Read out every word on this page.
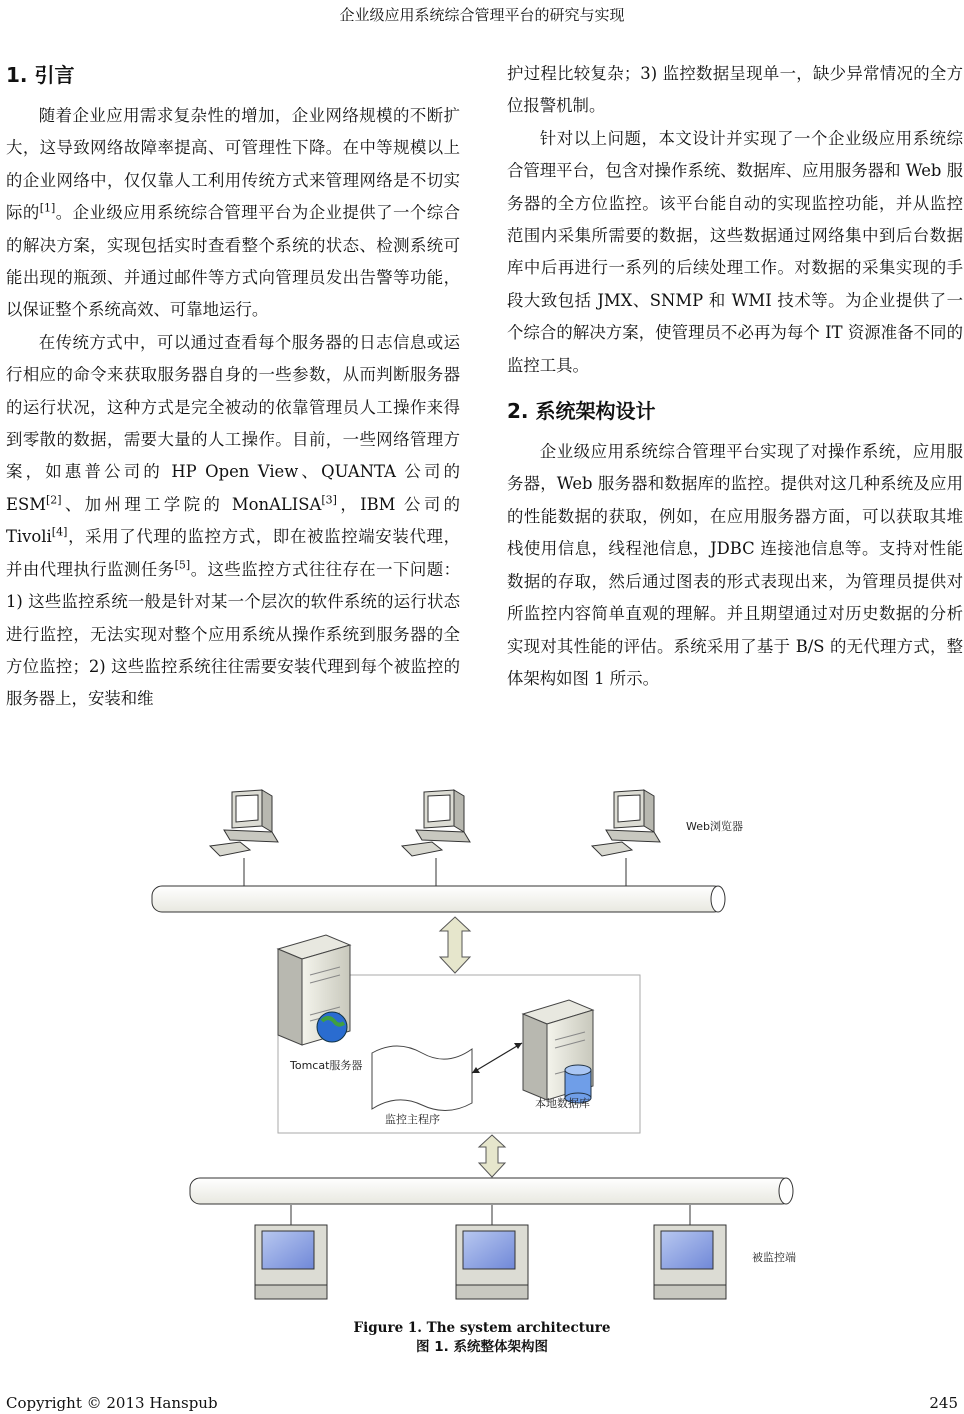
企业级应用系统综合管理平台的研究与实现
1. 引言

随着企业应用需求复杂性的增加，企业网络规模的不断扩大，这导致网络故障率提高、可管理性下降。在中等规模以上的企业网络中，仅仅靠人工利用传统方式来管理网络是不切实际的[1]。企业级应用系统综合管理平台为企业提供了一个综合的解决方案，实现包括实时查看整个系统的状态、检测系统可能出现的瓶颈、并通过邮件等方式向管理员发出告警等功能，以保证整个系统高效、可靠地运行。

在传统方式中，可以通过查看每个服务器的日志信息或运行相应的命令来获取服务器自身的一些参数，从而判断服务器的运行状况，这种方式是完全被动的依靠管理员人工操作来得到零散的数据，需要大量的人工操作。目前，一些网络管理方案，如惠普公司的 HP Open View、QUANTA 公司的 ESM[2]、加州理工学院的 MonALISA[3]，IBM 公司的 Tivoli[4]，采用了代理的监控方式，即在被监控端安装代理，并由代理执行监测任务[5]。这些监控方式往往存在一下问题：1) 这些监控系统一般是针对某一个层次的软件系统的运行状态进行监控，无法实现对整个应用系统从操作系统到服务器的全方位监控；2) 这些监控系统往往需要安装代理到每个被监控的服务器上，安装和维

护过程比较复杂；3) 监控数据呈现单一，缺少异常情况的全方位报警机制。

针对以上问题，本文设计并实现了一个企业级应用系统综合管理平台，包含对操作系统、数据库、应用服务器和 Web 服务器的全方位监控。该平台能自动的实现监控功能，并从监控范围内采集所需要的数据，这些数据通过网络集中到后台数据库中后再进行一系列的后续处理工作。对数据的采集实现的手段大致包括 JMX、SNMP 和 WMI 技术等。为企业提供了一个综合的解决方案，使管理员不必再为每个 IT 资源准备不同的监控工具。

2. 系统架构设计

企业级应用系统综合管理平台实现了对操作系统，应用服务器，Web 服务器和数据库的监控。提供对这几种系统及应用的性能数据的获取，例如，在应用服务器方面，可以获取其堆栈使用信息，线程池信息，JDBC 连接池信息等。支持对性能数据的存取，然后通过图表的形式表现出来，为管理员提供对所监控内容简单直观的理解。并且期望通过对历史数据的分析实现对其性能的评估。系统采用了基于 B/S 的无代理方式，整体架构如图 1 所示。

Web浏览器
Tomcat服务器
监控主程序
本地数据库
被监控端
Figure 1. The system architecture
图 1. 系统整体架构图
Copyright © 2013 Hanspub	245
